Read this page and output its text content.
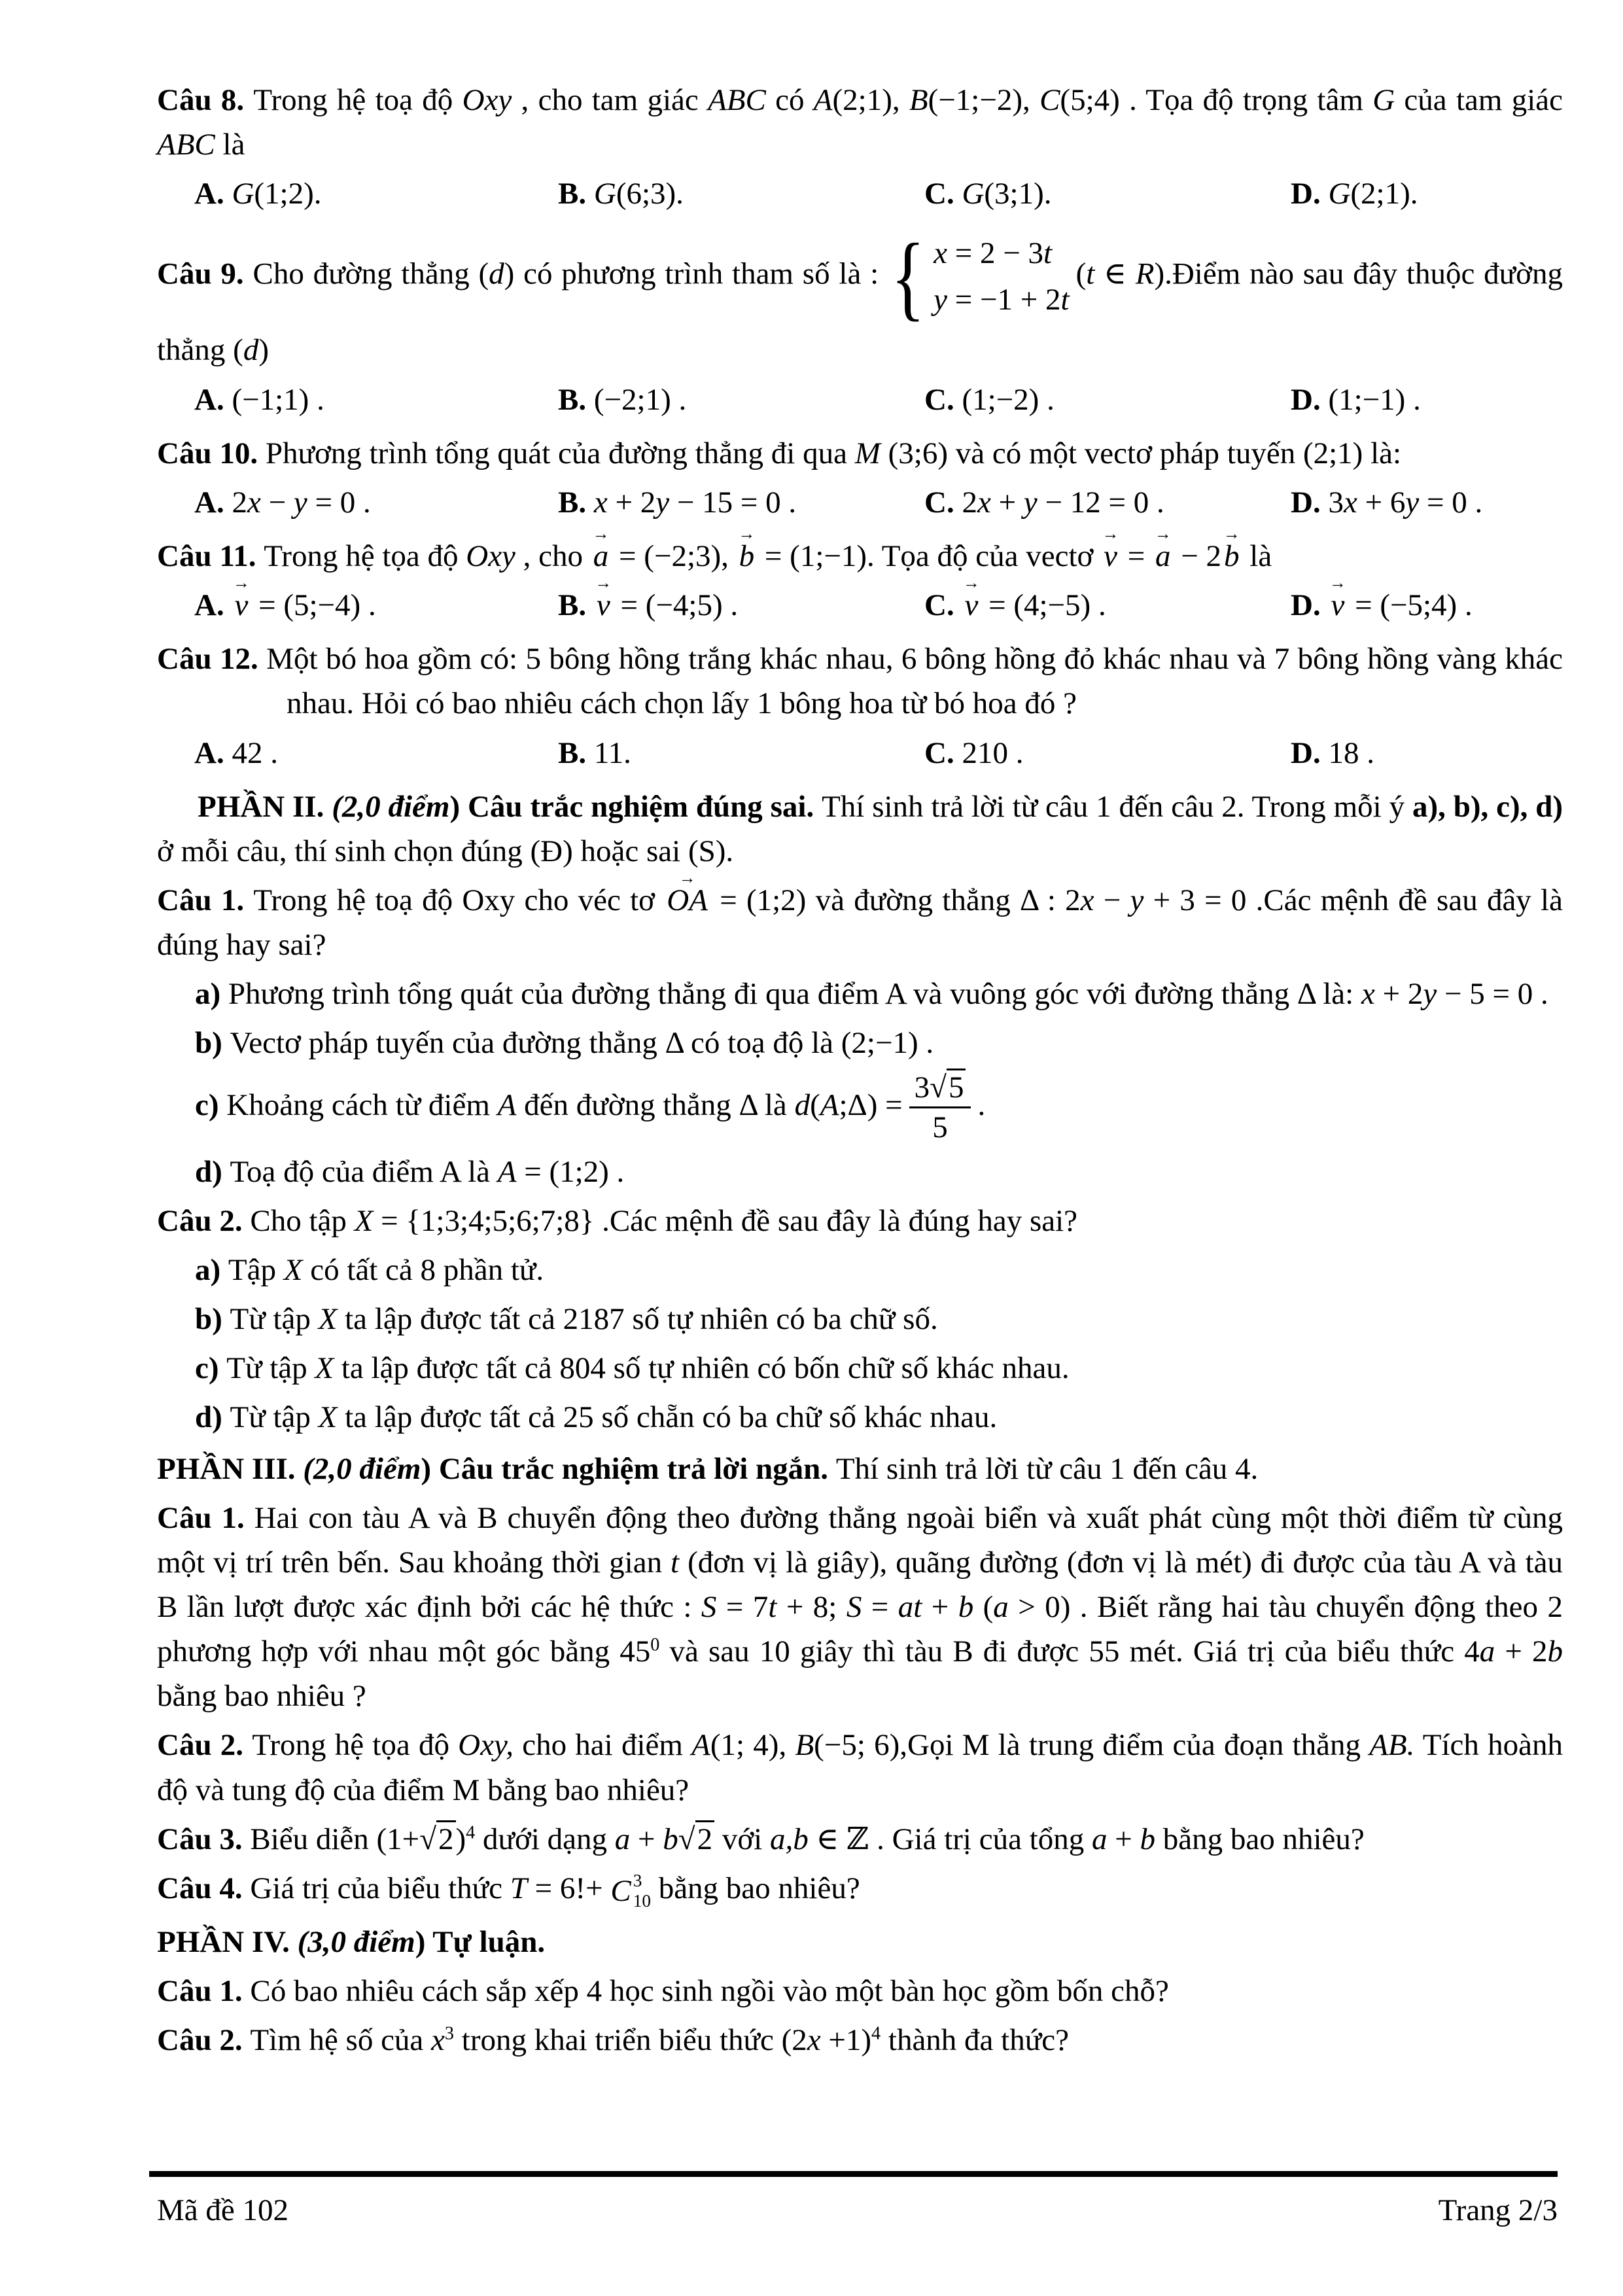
Câu 8. Trong hệ toạ độ Oxy , cho tam giác ABC có A(2;1), B(−1;−2), C(5;4) . Tọa độ trọng tâm G của tam giác ABC là
A. G(1;2).	B. G(6;3).	C. G(3;1).	D. G(2;1).
Câu 9. Cho đường thẳng (d) có phương trình tham số là : { x = 2 − 3t
y = −1 + 2t
(t ∈ R).Điểm nào sau đây thuộc đường thẳng (d)
A. (−1;1) .	B. (−2;1) .	C. (1;−2) .	D. (1;−1) .
Câu 10. Phương trình tổng quát của đường thẳng đi qua M (3;6) và có một vectơ pháp tuyến (2;1) là:
A. 2x − y = 0 .	B. x + 2y − 15 = 0 .	C. 2x + y − 12 = 0 .	D. 3x + 6y = 0 .
Câu 11. Trong hệ tọa độ Oxy , cho → a = (−2;3), → b = (1;−1). Tọa độ của vectơ → v = → a − 2→ b là
A. → v = (5;−4) .	B. → v = (−4;5) .	C. → v = (4;−5) .	D. → v = (−5;4) .
Câu 12. Một bó hoa gồm có: 5 bông hồng trắng khác nhau, 6 bông hồng đỏ khác nhau và 7 bông hồng vàng khác nhau. Hỏi có bao nhiêu cách chọn lấy 1 bông hoa từ bó hoa đó ?
A. 42 .	B. 11.	C. 210 .	D. 18 .
PHẦN II. (2,0 điểm) Câu trắc nghiệm đúng sai. Thí sinh trả lời từ câu 1 đến câu 2. Trong mỗi ý a), b), c), d) ở mỗi câu, thí sinh chọn đúng (Đ) hoặc sai (S).
Câu 1. Trong hệ toạ độ Oxy cho véc tơ → OA = (1;2) và đường thẳng Δ : 2x − y + 3 = 0 .Các mệnh đề sau đây là đúng hay sai?
a) Phương trình tổng quát của đường thẳng đi qua điểm A và vuông góc với đường thẳng Δ là: x + 2y − 5 = 0 .
b) Vectơ pháp tuyến của đường thẳng Δ có toạ độ là (2;−1) .
c) Khoảng cách từ điểm A đến đường thẳng Δ là d(A;Δ) = $\frac{3√5}{5}$ .
d) Toạ độ của điểm A là A = (1;2) .
Câu 2. Cho tập X = {1;3;4;5;6;7;8} .Các mệnh đề sau đây là đúng hay sai?
a) Tập X có tất cả 8 phần tử.
b) Từ tập X ta lập được tất cả 2187 số tự nhiên có ba chữ số.
c) Từ tập X ta lập được tất cả 804 số tự nhiên có bốn chữ số khác nhau.
d) Từ tập X ta lập được tất cả 25 số chẵn có ba chữ số khác nhau.
PHẦN III. (2,0 điểm) Câu trắc nghiệm trả lời ngắn. Thí sinh trả lời từ câu 1 đến câu 4.
Câu 1. Hai con tàu A và B chuyển động theo đường thẳng ngoài biển và xuất phát cùng một thời điểm từ cùng một vị trí trên bến. Sau khoảng thời gian t (đơn vị là giây), quãng đường (đơn vị là mét) đi được của tàu A và tàu B lần lượt được xác định bởi các hệ thức : S = 7t + 8; S = at + b (a > 0) . Biết rằng hai tàu chuyển động theo 2 phương hợp với nhau một góc bằng $45^0$ và sau 10 giây thì tàu B đi được 55 mét. Giá trị của biểu thức 4a + 2b bằng bao nhiêu ?
Câu 2. Trong hệ tọa độ Oxy, cho hai điểm A(1; 4), B(−5; 6),Gọi M là trung điểm của đoạn thẳng AB. Tích hoành độ và tung độ của điểm M bằng bao nhiêu?
Câu 3. Biểu diễn $(1+√2)^4$ dưới dạng a + b√2 với a,b ∈ ℤ . Giá trị của tổng a + b bằng bao nhiêu?
Câu 4. Giá trị của biểu thức T = 6!+ C 3
10 bằng bao nhiêu?
PHẦN IV. (3,0 điểm) Tự luận.
Câu 1. Có bao nhiêu cách sắp xếp 4 học sinh ngồi vào một bàn học gồm bốn chỗ?
Câu 2. Tìm hệ số của $x^3$ trong khai triển biểu thức $(2x +1)^4$ thành đa thức?
Mã đề 102	Trang 2/3
